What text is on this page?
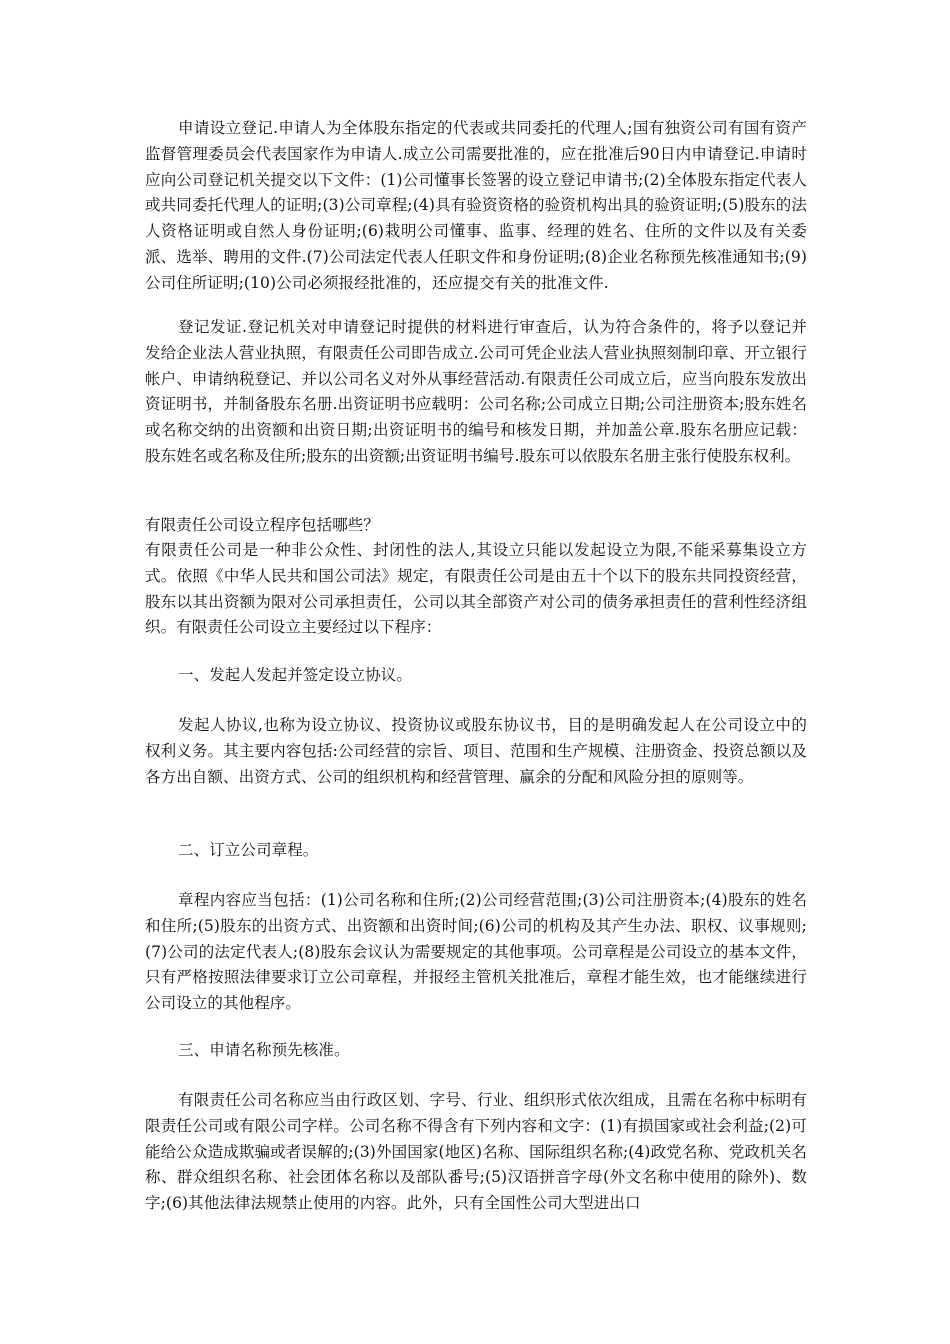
申请设立登记.申请人为全体股东指定的代表或共同委托的代理人;国有独资公司有国有资产监督管理委员会代表国家作为申请人.成立公司需要批准的，应在批准后90日内申请登记.申请时应向公司登记机关提交以下文件：(1)公司懂事长签署的设立登记申请书;(2)全体股东指定代表人或共同委托代理人的证明;(3)公司章程;(4)具有验资资格的验资机构出具的验资证明;(5)股东的法人资格证明或自然人身份证明;(6)栽明公司懂事、监事、经理的姓名、住所的文件以及有关委派、选举、聘用的文件.(7)公司法定代表人任职文件和身份证明;(8)企业名称预先核准通知书;(9)公司住所证明;(10)公司必须报经批准的，还应提交有关的批准文件.

登记发证.登记机关对申请登记时提供的材料进行审查后，认为符合条件的，将予以登记并发给企业法人营业执照，有限责任公司即告成立.公司可凭企业法人营业执照刻制印章、开立银行帐户、申请纳税登记、并以公司名义对外从事经营活动.有限责任公司成立后，应当向股东发放出资证明书，并制备股东名册.出资证明书应载明：公司名称;公司成立日期;公司注册资本;股东姓名或名称交纳的出资额和出资日期;出资证明书的编号和核发日期，并加盖公章.股东名册应记载：股东姓名或名称及住所;股东的出资额;出资证明书编号.股东可以依股东名册主张行使股东权利。

有限责任公司设立程序包括哪些？

有限责任公司是一种非公众性、封闭性的法人,其设立只能以发起设立为限,不能采募集设立方式。依照《中华人民共和国公司法》规定，有限责任公司是由五十个以下的股东共同投资经营，股东以其出资额为限对公司承担责任，公司以其全部资产对公司的债务承担责任的营利性经济组织。有限责任公司设立主要经过以下程序：

一、发起人发起并签定设立协议。

发起人协议,也称为设立协议、投资协议或股东协议书，目的是明确发起人在公司设立中的权利义务。其主要内容包括:公司经营的宗旨、项目、范围和生产规模、注册资金、投资总额以及各方出自额、出资方式、公司的组织机构和经营管理、赢余的分配和风险分担的原则等。

二、订立公司章程。

章程内容应当包括：(1)公司名称和住所;(2)公司经营范围;(3)公司注册资本;(4)股东的姓名和住所;(5)股东的出资方式、出资额和出资时间;(6)公司的机构及其产生办法、职权、议事规则;(7)公司的法定代表人;(8)股东会议认为需要规定的其他事项。公司章程是公司设立的基本文件，只有严格按照法律要求订立公司章程，并报经主管机关批准后，章程才能生效，也才能继续进行公司设立的其他程序。

三、申请名称预先核准。

有限责任公司名称应当由行政区划、字号、行业、组织形式依次组成，且需在名称中标明有限责任公司或有限公司字样。公司名称不得含有下列内容和文字：(1)有损国家或社会利益;(2)可能给公众造成欺骗或者误解的;(3)外国国家(地区)名称、国际组织名称;(4)政党名称、党政机关名称、群众组织名称、社会团体名称以及部队番号;(5)汉语拼音字母(外文名称中使用的除外)、数字;(6)其他法律法规禁止使用的内容。此外，只有全国性公司大型进出口
